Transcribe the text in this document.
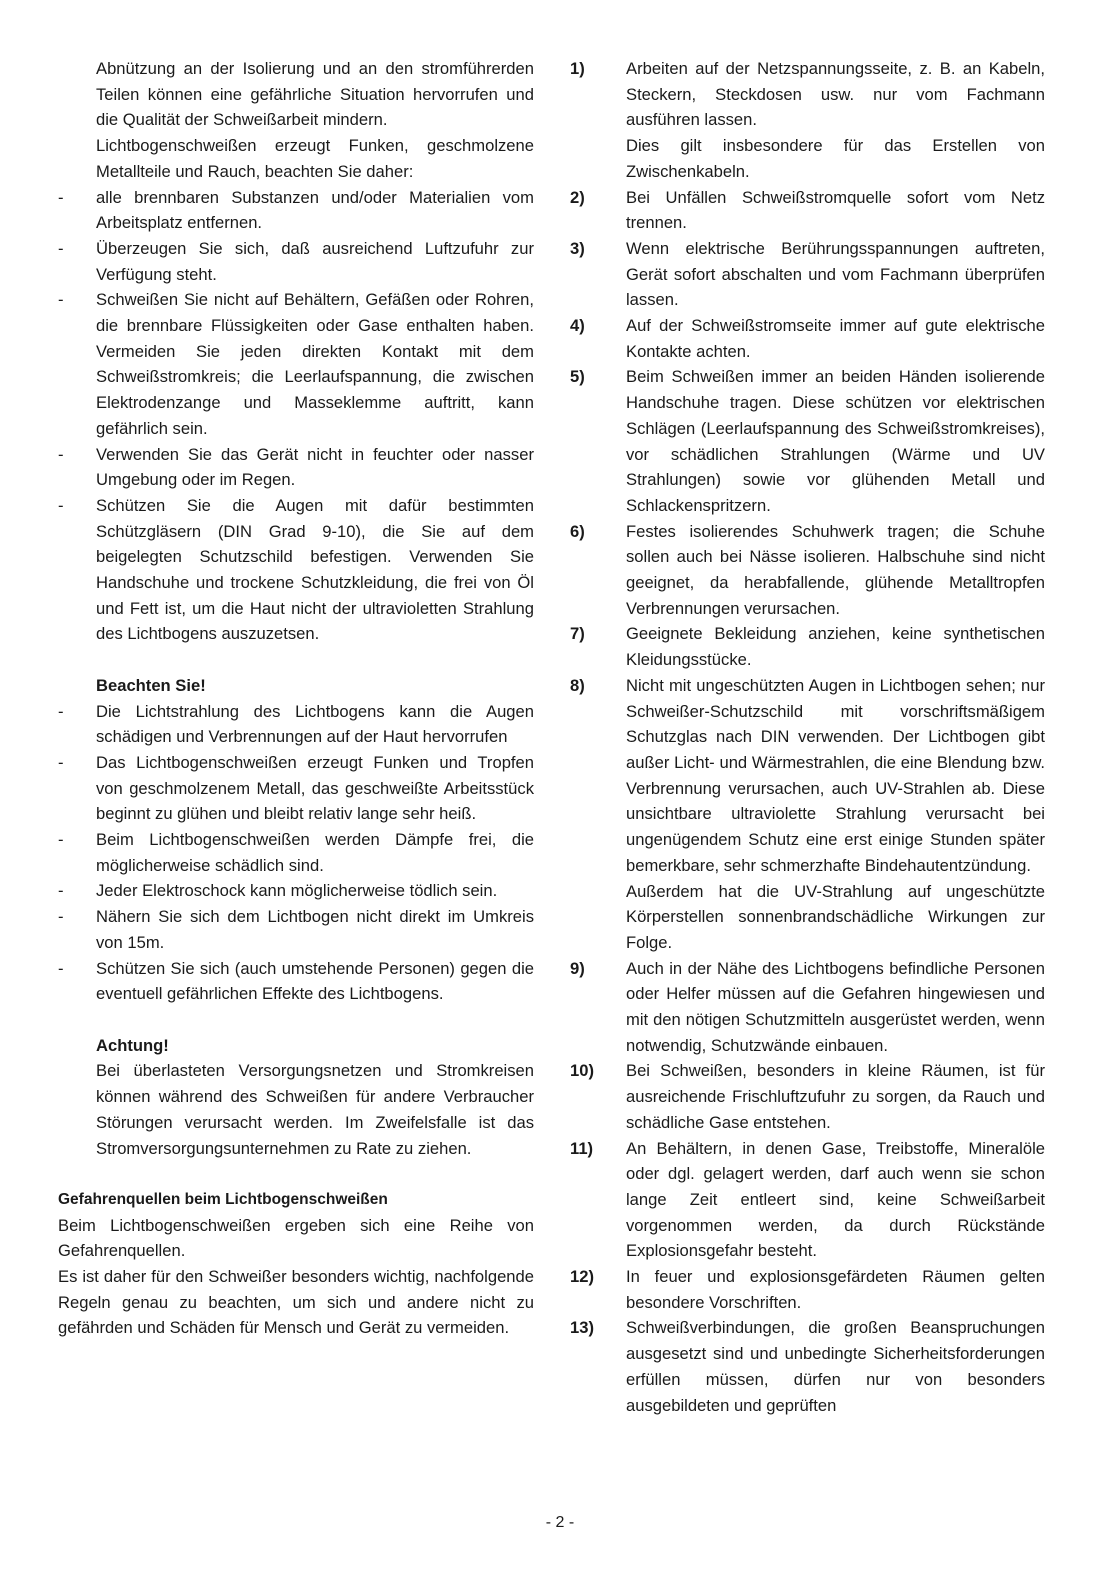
Abnützung an der Isolierung und an den stromführerden Teilen können eine gefährliche Situation hervorrufen und die Qualität der Schweißarbeit mindern.

Lichtbogenschweißen erzeugt Funken, geschmolzene Metallteile und Rauch, beachten Sie daher:

- alle brennbaren Substanzen und/oder Materialien vom Arbeitsplatz entfernen.
- Überzeugen Sie sich, daß ausreichend Luftzufuhr zur Verfügung steht.
- Schweißen Sie nicht auf Behältern, Gefäßen oder Rohren, die brennbare Flüssigkeiten oder Gase enthalten haben. Vermeiden Sie jeden direkten Kontakt mit dem Schweißstromkreis; die Leerlaufspannung, die zwischen Elektrodenzange und Masseklemme auftritt, kann gefährlich sein.
- Verwenden Sie das Gerät nicht in feuchter oder nasser Umgebung oder im Regen.
- Schützen Sie die Augen mit dafür bestimmten Schützgläsern (DIN Grad 9-10), die Sie auf dem beigelegten Schutzschild befestigen. Verwenden Sie Handschuhe und trockene Schutzkleidung, die frei von Öl und Fett ist, um die Haut nicht der ultravioletten Strahlung des Lichtbogens auszuzetsen.

Beachten Sie!

- Die Lichtstrahlung des Lichtbogens kann die Augen schädigen und Verbrennungen auf der Haut hervorrufen
- Das Lichtbogenschweißen erzeugt Funken und Tropfen von geschmolzenem Metall, das geschweißte Arbeitsstück beginnt zu glühen und bleibt relativ lange sehr heiß.
- Beim Lichtbogenschweißen werden Dämpfe frei, die möglicherweise schädlich sind.
- Jeder Elektroschock kann möglicherweise tödlich sein.
- Nähern Sie sich dem Lichtbogen nicht direkt im Umkreis von 15m.
- Schützen Sie sich (auch umstehende Personen) gegen die eventuell gefährlichen Effekte des Lichtbogens.

Achtung!

Bei überlasteten Versorgungsnetzen und Stromkreisen können während des Schweißen für andere Verbraucher Störungen verursacht werden. Im Zweifelsfalle ist das Stromversorgungsunternehmen zu Rate zu ziehen.

Gefahrenquellen beim Lichtbogenschweißen

Beim Lichtbogenschweißen ergeben sich eine Reihe von Gefahrenquellen.

Es ist daher für den Schweißer besonders wichtig, nachfolgende Regeln genau zu beachten, um sich und andere nicht zu gefährden und Schäden für Mensch und Gerät zu vermeiden.

1) Arbeiten auf der Netzspannungsseite, z. B. an Kabeln, Steckern, Steckdosen usw. nur vom Fachmann ausführen lassen.

Dies gilt insbesondere für das Erstellen von Zwischenkabeln.

2) Bei Unfällen Schweißstromquelle sofort vom Netz trennen.

3) Wenn elektrische Berührungsspannungen auftreten, Gerät sofort abschalten und vom Fachmann überprüfen lassen.

4) Auf der Schweißstromseite immer auf gute elektrische Kontakte achten.

5) Beim Schweißen immer an beiden Händen isolierende Handschuhe tragen. Diese schützen vor elektrischen Schlägen (Leerlaufspannung des Schweißstromkreises), vor schädlichen Strahlungen (Wärme und UV Strahlungen) sowie vor glühenden Metall und Schlackenspritzern.

6) Festes isolierendes Schuhwerk tragen; die Schuhe sollen auch bei Nässe isolieren. Halbschuhe sind nicht geeignet, da herabfallende, glühende Metalltropfen Verbrennungen verursachen.

7) Geeignete Bekleidung anziehen, keine synthetischen Kleidungsstücke.

8) Nicht mit ungeschützten Augen in Lichtbogen sehen; nur Schweißer-Schutzschild mit vorschriftsmäßigem Schutzglas nach DIN verwenden. Der Lichtbogen gibt außer Licht- und Wärmestrahlen, die eine Blendung bzw. Verbrennung verursachen, auch UV-Strahlen ab. Diese unsichtbare ultraviolette Strahlung verursacht bei ungenügendem Schutz eine erst einige Stunden später bemerkbare, sehr schmerzhafte Bindehautentzündung.

Außerdem hat die UV-Strahlung auf ungeschützte Körperstellen sonnenbrandschädliche Wirkungen zur Folge.

9) Auch in der Nähe des Lichtbogens befindliche Personen oder Helfer müssen auf die Gefahren hingewiesen und mit den nötigen Schutzmitteln ausgerüstet werden, wenn notwendig, Schutzwände einbauen.

10) Bei Schweißen, besonders in kleine Räumen, ist für ausreichende Frischluftzufuhr zu sorgen, da Rauch und schädliche Gase entstehen.

11) An Behältern, in denen Gase, Treibstoffe, Mineralöle oder dgl. gelagert werden, darf auch wenn sie schon lange Zeit entleert sind, keine Schweißarbeit vorgenommen werden, da durch Rückstände Explosionsgefahr besteht.

12) In feuer und explosionsgefärdeten Räumen gelten besondere Vorschriften.

13) Schweißverbindungen, die großen Beanspruchungen ausgesetzt sind und unbedingte Sicherheitsforderungen erfüllen müssen, dürfen nur von besonders ausgebildeten und geprüften

- 2 -
